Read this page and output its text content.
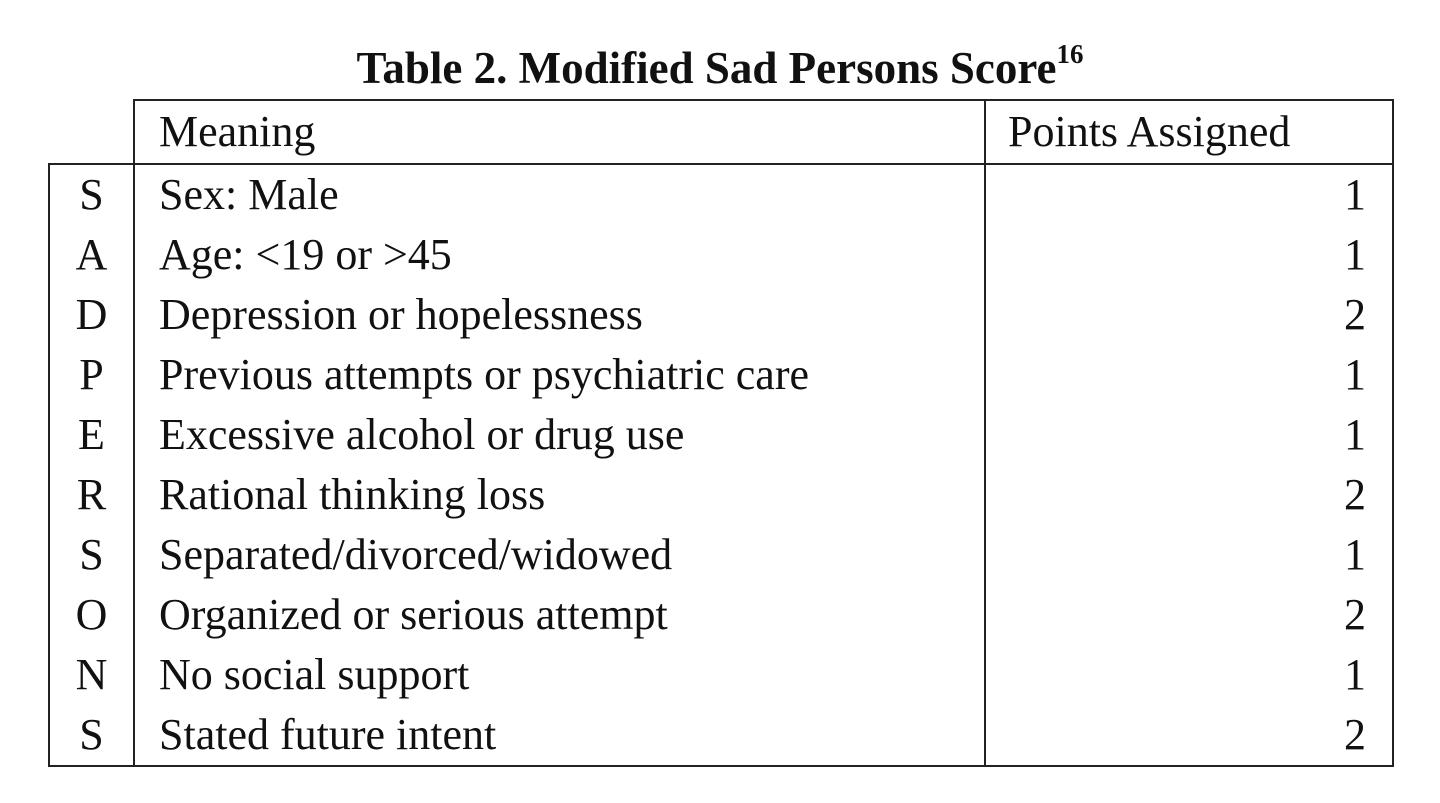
Table 2. Modified Sad Persons Score$^{16}$
	Meaning	Points Assigned
S	Sex: Male	1
A	Age: <19 or >45	1
D	Depression or hopelessness	2
P	Previous attempts or psychiatric care	1
E	Excessive alcohol or drug use	1
R	Rational thinking loss	2
S	Separated/divorced/widowed	1
O	Organized or serious attempt	2
N	No social support	1
S	Stated future intent	2
